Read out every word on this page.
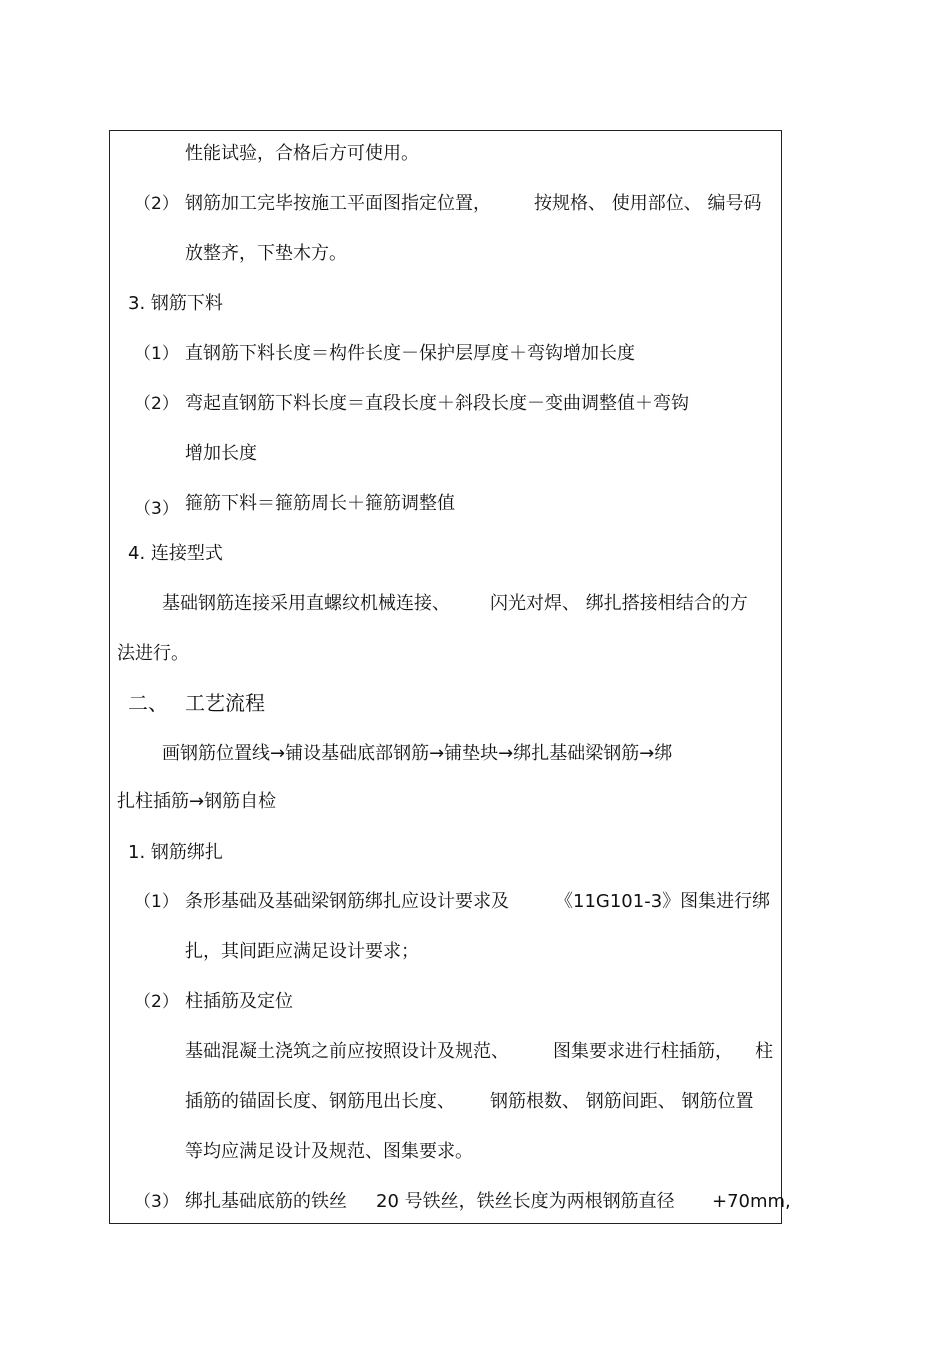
性能试验，合格后方可使用。
（2） 钢筋加工完毕按施工平面图指定位置， 按规格、 使用部位、 编号码
放整齐，下垫木方。
3. 钢筋下料
（1） 直钢筋下料长度＝构件长度－保护层厚度＋弯钩增加长度
（2） 弯起直钢筋下料长度＝直段长度＋斜段长度－变曲调整值＋弯钩
增加长度
（3） 箍筋下料＝箍筋周长＋箍筋调整值
4. 连接型式
基础钢筋连接采用直螺纹机械连接、 闪光对焊、 绑扎搭接相结合的方
法进行。
二、 工艺流程
画钢筋位置线→铺设基础底部钢筋→铺垫块→绑扎基础梁钢筋→绑
扎柱插筋→钢筋自检
1. 钢筋绑扎
（1） 条形基础及基础梁钢筋绑扎应设计要求及	《11G101-3》图集进行绑
扎，其间距应满足设计要求；
（2） 柱插筋及定位
基础混凝土浇筑之前应按照设计及规范、 图集要求进行柱插筋， 柱
插筋的锚固长度、钢筋甩出长度、 钢筋根数、 钢筋间距、 钢筋位置
等均应满足设计及规范、图集要求。
（3） 绑扎基础底筋的铁丝 20 号铁丝，铁丝长度为两根钢筋直径 +70mm,
